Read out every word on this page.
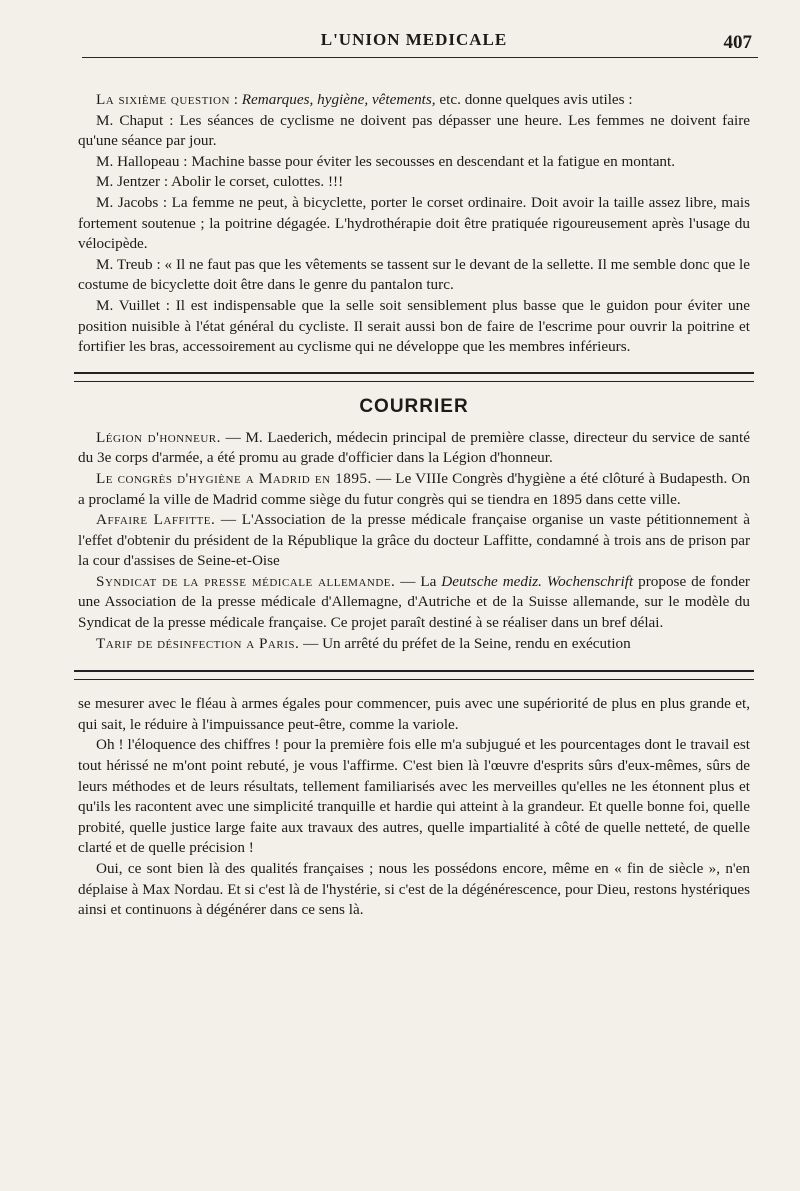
L'UNION MEDICALE	407

La sixième question : Remarques, hygiène, vêtements, etc. donne quelques avis utiles :

M. Chaput : Les séances de cyclisme ne doivent pas dépasser une heure. Les femmes ne doivent faire qu'une séance par jour.

M. Hallopeau : Machine basse pour éviter les secousses en descendant et la fatigue en montant.

M. Jentzer : Abolir le corset, culottes. !!!

M. Jacobs : La femme ne peut, à bicyclette, porter le corset ordinaire. Doit avoir la taille assez libre, mais fortement soutenue ; la poitrine dégagée. L'hydrothérapie doit être pratiquée rigoureusement après l'usage du vélocipède.

M. Treub : « Il ne faut pas que les vêtements se tassent sur le devant de la sellette. Il me semble donc que le costume de bicyclette doit être dans le genre du pantalon turc.

M. Vuillet : Il est indispensable que la selle soit sensiblement plus basse que le guidon pour éviter une position nuisible à l'état général du cycliste. Il serait aussi bon de faire de l'escrime pour ouvrir la poitrine et fortifier les bras, accessoirement au cyclisme qui ne développe que les membres inférieurs.

COURRIER

Légion d'honneur. — M. Laederich, médecin principal de première classe, directeur du service de santé du 3e corps d'armée, a été promu au grade d'officier dans la Légion d'honneur.

Le congrès d'hygiène a Madrid en 1895. — Le VIIIe Congrès d'hygiène a été clôturé à Budapesth. On a proclamé la ville de Madrid comme siège du futur congrès qui se tiendra en 1895 dans cette ville.

Affaire Laffitte. — L'Association de la presse médicale française organise un vaste pétitionnement à l'effet d'obtenir du président de la République la grâce du docteur Laffitte, condamné à trois ans de prison par la cour d'assises de Seine-et-Oise

Syndicat de la presse médicale allemande. — La Deutsche mediz. Wochenschrift propose de fonder une Association de la presse médicale d'Allemagne, d'Autriche et de la Suisse allemande, sur le modèle du Syndicat de la presse médicale française. Ce projet paraît destiné à se réaliser dans un bref délai.

Tarif de désinfection a Paris. — Un arrêté du préfet de la Seine, rendu en exécution

se mesurer avec le fléau à armes égales pour commencer, puis avec une supériorité de plus en plus grande et, qui sait, le réduire à l'impuissance peut-être, comme la variole.

Oh ! l'éloquence des chiffres ! pour la première fois elle m'a subjugué et les pourcentages dont le travail est tout hérissé ne m'ont point rebuté, je vous l'affirme. C'est bien là l'œuvre d'esprits sûrs d'eux-mêmes, sûrs de leurs méthodes et de leurs résultats, tellement familiarisés avec les merveilles qu'elles ne les étonnent plus et qu'ils les racontent avec une simplicité tranquille et hardie qui atteint à la grandeur. Et quelle bonne foi, quelle probité, quelle justice large faite aux travaux des autres, quelle impartialité à côté de quelle netteté, de quelle clarté et de quelle précision !

Oui, ce sont bien là des qualités françaises ; nous les possédons encore, même en « fin de siècle », n'en déplaise à Max Nordau. Et si c'est là de l'hystérie, si c'est de la dégénérescence, pour Dieu, restons hystériques ainsi et continuons à dégénérer dans ce sens là.
